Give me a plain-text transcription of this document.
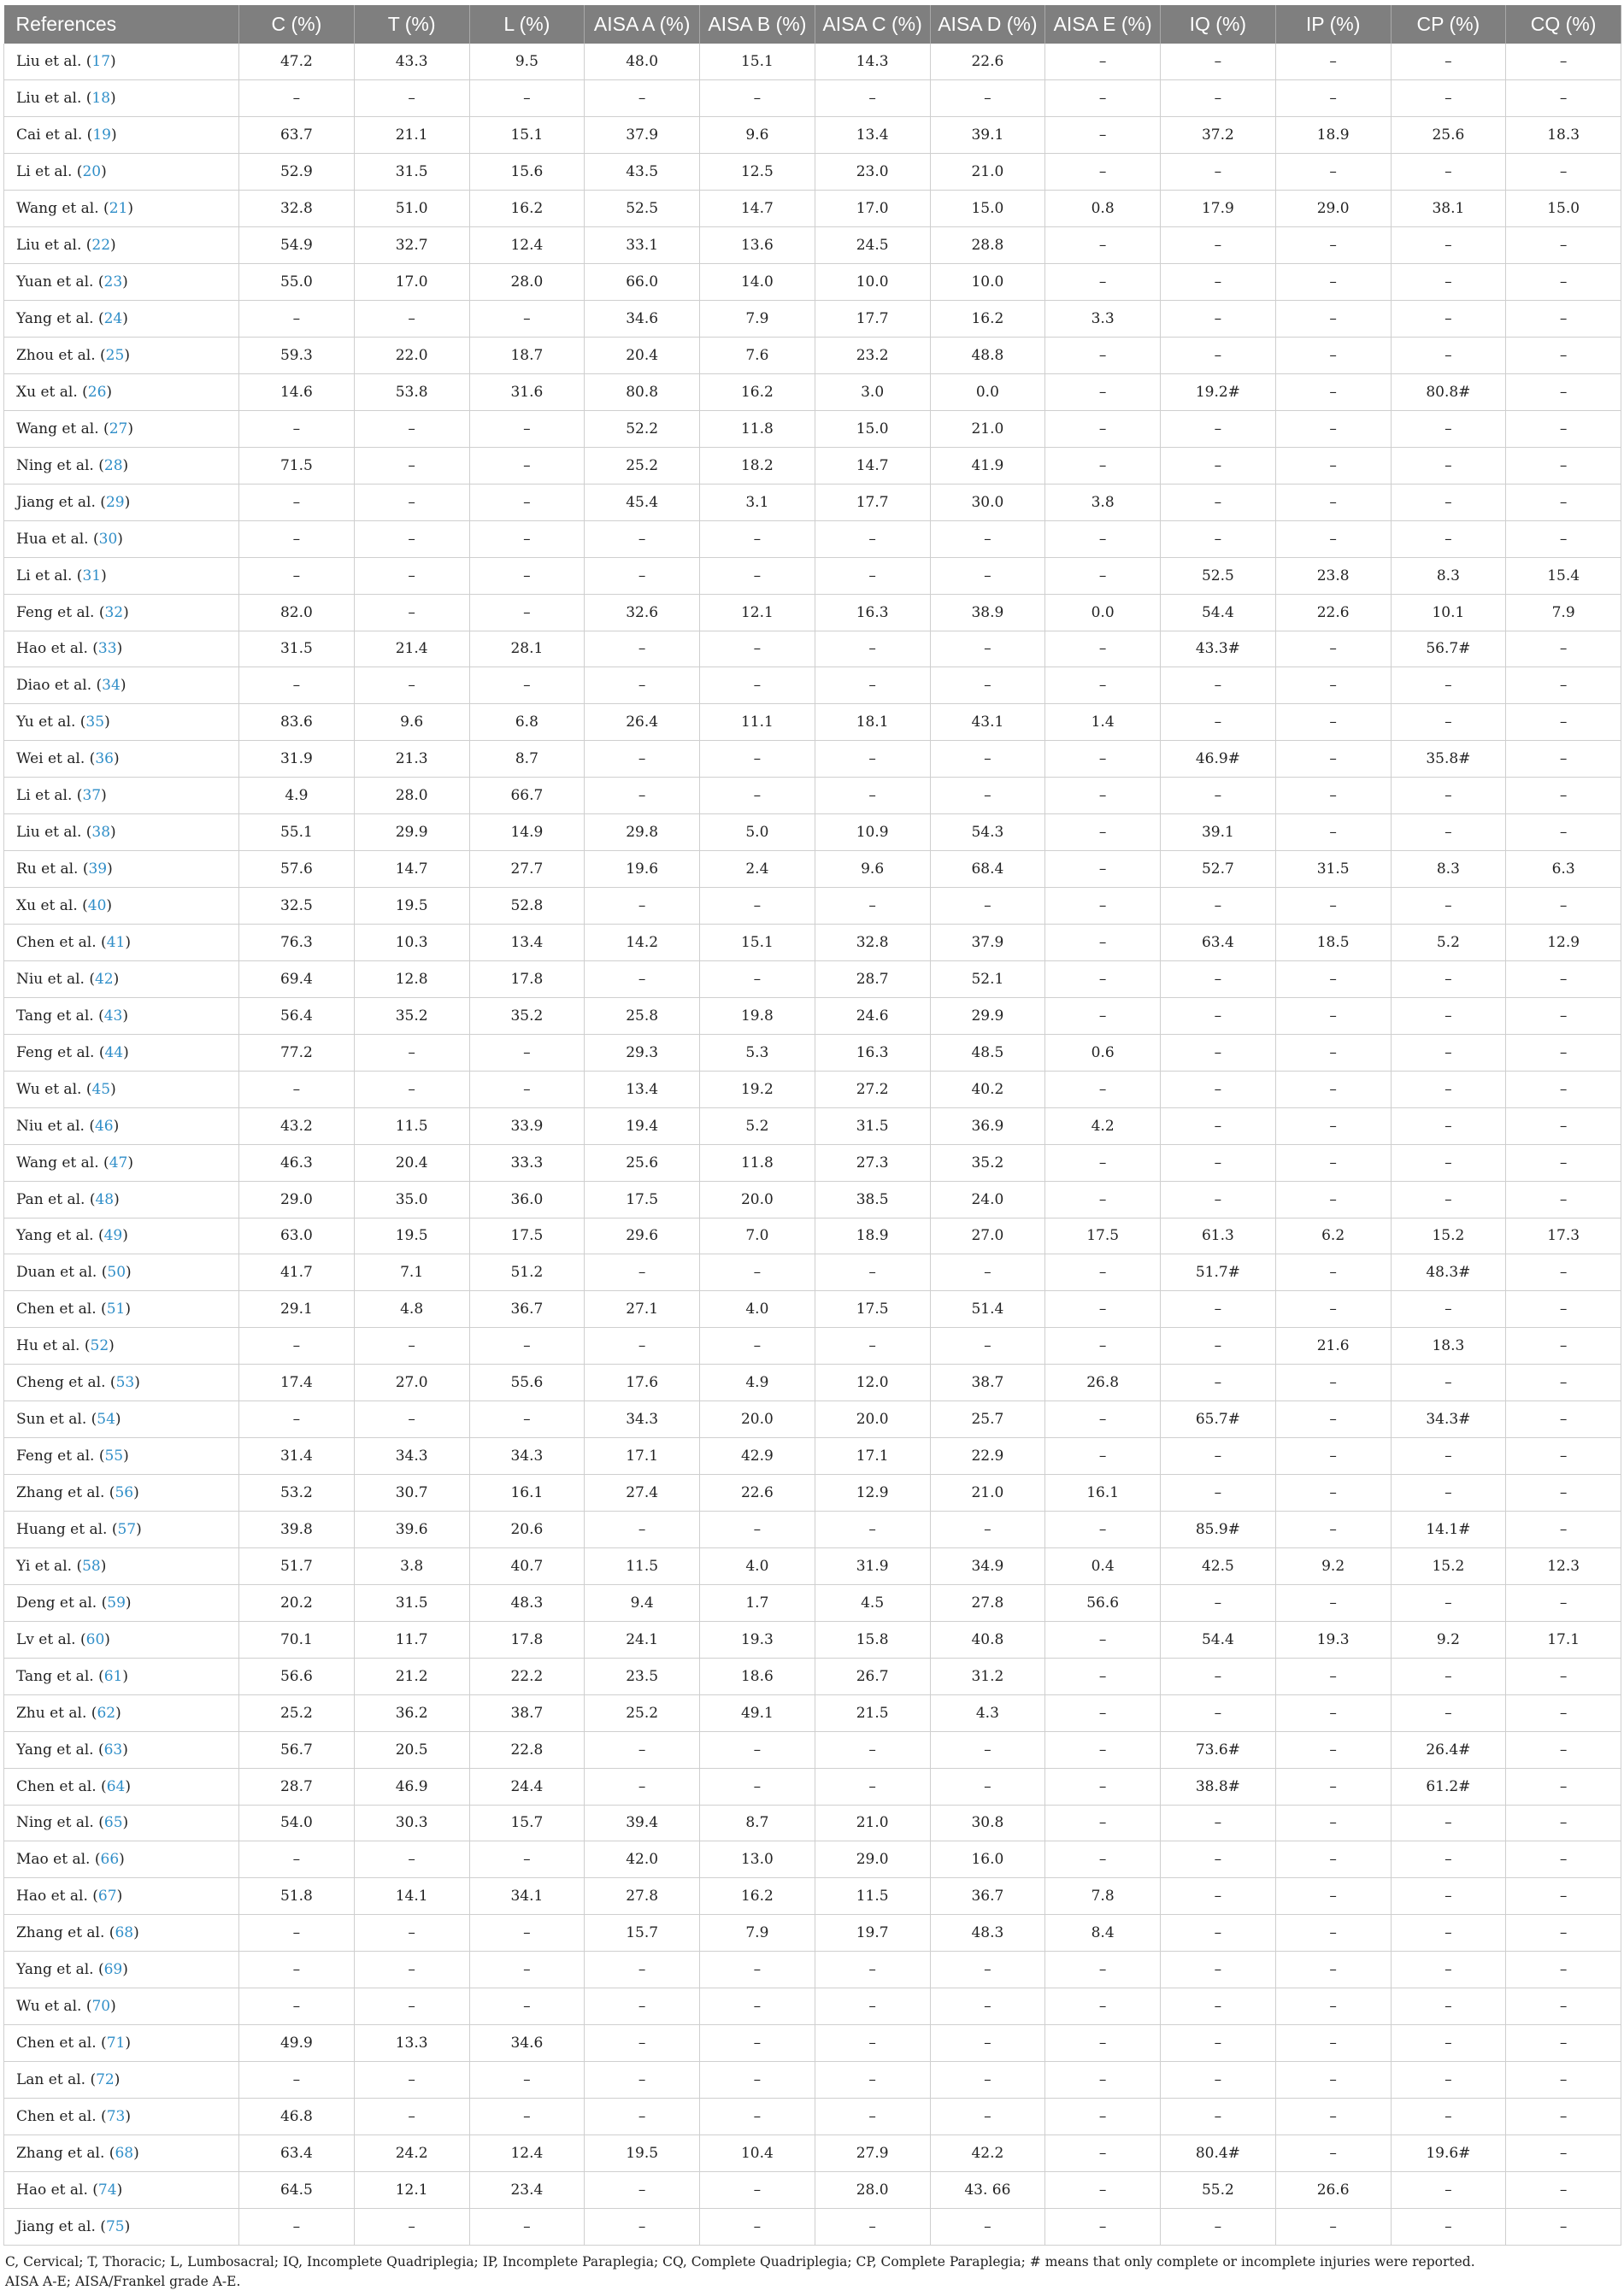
References	C (%)	T (%)	L (%)	AISA A (%)	AISA B (%)	AISA C (%)	AISA D (%)	AISA E (%)	IQ (%)	IP (%)	CP (%)	CQ (%)
Liu et al. (17)	47.2	43.3	9.5	48.0	15.1	14.3	22.6	–	–	–	–	–
Liu et al. (18)	–	–	–	–	–	–	–	–	–	–	–	–
Cai et al. (19)	63.7	21.1	15.1	37.9	9.6	13.4	39.1	–	37.2	18.9	25.6	18.3
Li et al. (20)	52.9	31.5	15.6	43.5	12.5	23.0	21.0	–	–	–	–	–
Wang et al. (21)	32.8	51.0	16.2	52.5	14.7	17.0	15.0	0.8	17.9	29.0	38.1	15.0
Liu et al. (22)	54.9	32.7	12.4	33.1	13.6	24.5	28.8	–	–	–	–	–
Yuan et al. (23)	55.0	17.0	28.0	66.0	14.0	10.0	10.0	–	–	–	–	–
Yang et al. (24)	–	–	–	34.6	7.9	17.7	16.2	3.3	–	–	–	–
Zhou et al. (25)	59.3	22.0	18.7	20.4	7.6	23.2	48.8	–	–	–	–	–
Xu et al. (26)	14.6	53.8	31.6	80.8	16.2	3.0	0.0	–	19.2#	–	80.8#	–
Wang et al. (27)	–	–	–	52.2	11.8	15.0	21.0	–	–	–	–	–
Ning et al. (28)	71.5	–	–	25.2	18.2	14.7	41.9	–	–	–	–	–
Jiang et al. (29)	–	–	–	45.4	3.1	17.7	30.0	3.8	–	–	–	–
Hua et al. (30)	–	–	–	–	–	–	–	–	–	–	–	–
Li et al. (31)	–	–	–	–	–	–	–	–	52.5	23.8	8.3	15.4
Feng et al. (32)	82.0	–	–	32.6	12.1	16.3	38.9	0.0	54.4	22.6	10.1	7.9
Hao et al. (33)	31.5	21.4	28.1	–	–	–	–	–	43.3#	–	56.7#	–
Diao et al. (34)	–	–	–	–	–	–	–	–	–	–	–	–
Yu et al. (35)	83.6	9.6	6.8	26.4	11.1	18.1	43.1	1.4	–	–	–	–
Wei et al. (36)	31.9	21.3	8.7	–	–	–	–	–	46.9#	–	35.8#	–
Li et al. (37)	4.9	28.0	66.7	–	–	–	–	–	–	–	–	–
Liu et al. (38)	55.1	29.9	14.9	29.8	5.0	10.9	54.3	–	39.1	–	–	–
Ru et al. (39)	57.6	14.7	27.7	19.6	2.4	9.6	68.4	–	52.7	31.5	8.3	6.3
Xu et al. (40)	32.5	19.5	52.8	–	–	–	–	–	–	–	–	–
Chen et al. (41)	76.3	10.3	13.4	14.2	15.1	32.8	37.9	–	63.4	18.5	5.2	12.9
Niu et al. (42)	69.4	12.8	17.8	–	–	28.7	52.1	–	–	–	–	–
Tang et al. (43)	56.4	35.2	35.2	25.8	19.8	24.6	29.9	–	–	–	–	–
Feng et al. (44)	77.2	–	–	29.3	5.3	16.3	48.5	0.6	–	–	–	–
Wu et al. (45)	–	–	–	13.4	19.2	27.2	40.2	–	–	–	–	–
Niu et al. (46)	43.2	11.5	33.9	19.4	5.2	31.5	36.9	4.2	–	–	–	–
Wang et al. (47)	46.3	20.4	33.3	25.6	11.8	27.3	35.2	–	–	–	–	–
Pan et al. (48)	29.0	35.0	36.0	17.5	20.0	38.5	24.0	–	–	–	–	–
Yang et al. (49)	63.0	19.5	17.5	29.6	7.0	18.9	27.0	17.5	61.3	6.2	15.2	17.3
Duan et al. (50)	41.7	7.1	51.2	–	–	–	–	–	51.7#	–	48.3#	–
Chen et al. (51)	29.1	4.8	36.7	27.1	4.0	17.5	51.4	–	–	–	–	–
Hu et al. (52)	–	–	–	–	–	–	–	–	–	21.6	18.3	–
Cheng et al. (53)	17.4	27.0	55.6	17.6	4.9	12.0	38.7	26.8	–	–	–	–
Sun et al. (54)	–	–	–	34.3	20.0	20.0	25.7	–	65.7#	–	34.3#	–
Feng et al. (55)	31.4	34.3	34.3	17.1	42.9	17.1	22.9	–	–	–	–	–
Zhang et al. (56)	53.2	30.7	16.1	27.4	22.6	12.9	21.0	16.1	–	–	–	–
Huang et al. (57)	39.8	39.6	20.6	–	–	–	–	–	85.9#	–	14.1#	–
Yi et al. (58)	51.7	3.8	40.7	11.5	4.0	31.9	34.9	0.4	42.5	9.2	15.2	12.3
Deng et al. (59)	20.2	31.5	48.3	9.4	1.7	4.5	27.8	56.6	–	–	–	–
Lv et al. (60)	70.1	11.7	17.8	24.1	19.3	15.8	40.8	–	54.4	19.3	9.2	17.1
Tang et al. (61)	56.6	21.2	22.2	23.5	18.6	26.7	31.2	–	–	–	–	–
Zhu et al. (62)	25.2	36.2	38.7	25.2	49.1	21.5	4.3	–	–	–	–	–
Yang et al. (63)	56.7	20.5	22.8	–	–	–	–	–	73.6#	–	26.4#	–
Chen et al. (64)	28.7	46.9	24.4	–	–	–	–	–	38.8#	–	61.2#	–
Ning et al. (65)	54.0	30.3	15.7	39.4	8.7	21.0	30.8	–	–	–	–	–
Mao et al. (66)	–	–	–	42.0	13.0	29.0	16.0	–	–	–	–	–
Hao et al. (67)	51.8	14.1	34.1	27.8	16.2	11.5	36.7	7.8	–	–	–	–
Zhang et al. (68)	–	–	–	15.7	7.9	19.7	48.3	8.4	–	–	–	–
Yang et al. (69)	–	–	–	–	–	–	–	–	–	–	–	–
Wu et al. (70)	–	–	–	–	–	–	–	–	–	–	–	–
Chen et al. (71)	49.9	13.3	34.6	–	–	–	–	–	–	–	–	–
Lan et al. (72)	–	–	–	–	–	–	–	–	–	–	–	–
Chen et al. (73)	46.8	–	–	–	–	–	–	–	–	–	–	–
Zhang et al. (68)	63.4	24.2	12.4	19.5	10.4	27.9	42.2	–	80.4#	–	19.6#	–
Hao et al. (74)	64.5	12.1	23.4	–	–	28.0	43. 66	–	55.2	26.6	–	–
Jiang et al. (75)	–	–	–	–	–	–	–	–	–	–	–	–
C, Cervical; T, Thoracic; L, Lumbosacral; IQ, Incomplete Quadriplegia; IP, Incomplete Paraplegia; CQ, Complete Quadriplegia; CP, Complete Paraplegia; # means that only complete or incomplete injuries were reported.
AISA A-E; AISA/Frankel grade A-E.
